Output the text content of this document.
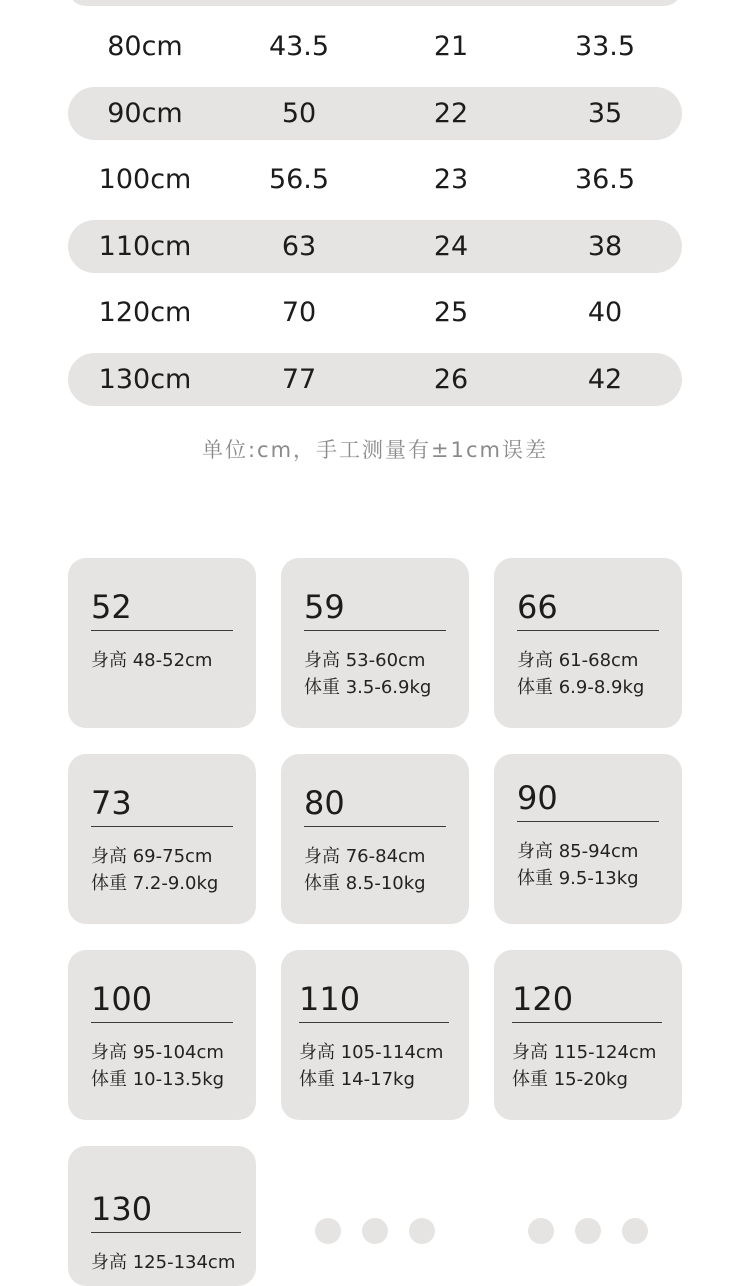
80cm	43.5	21	33.5
90cm	50	22	35
100cm	56.5	23	36.5
110cm	63	24	38
120cm	70	25	40
130cm	77	26	42
单位:cm，手工测量有±1cm误差
52
身高 48-52cm
59
身高 53-60cm
体重 3.5-6.9kg
66
身高 61-68cm
体重 6.9-8.9kg
73
身高 69-75cm
体重 7.2-9.0kg
80
身高 76-84cm
体重 8.5-10kg
90
身高 85-94cm
体重 9.5-13kg
100
身高 95-104cm
体重 10-13.5kg
110
身高 105-114cm
体重 14-17kg
120
身高 115-124cm
体重 15-20kg
130
身高 125-134cm
